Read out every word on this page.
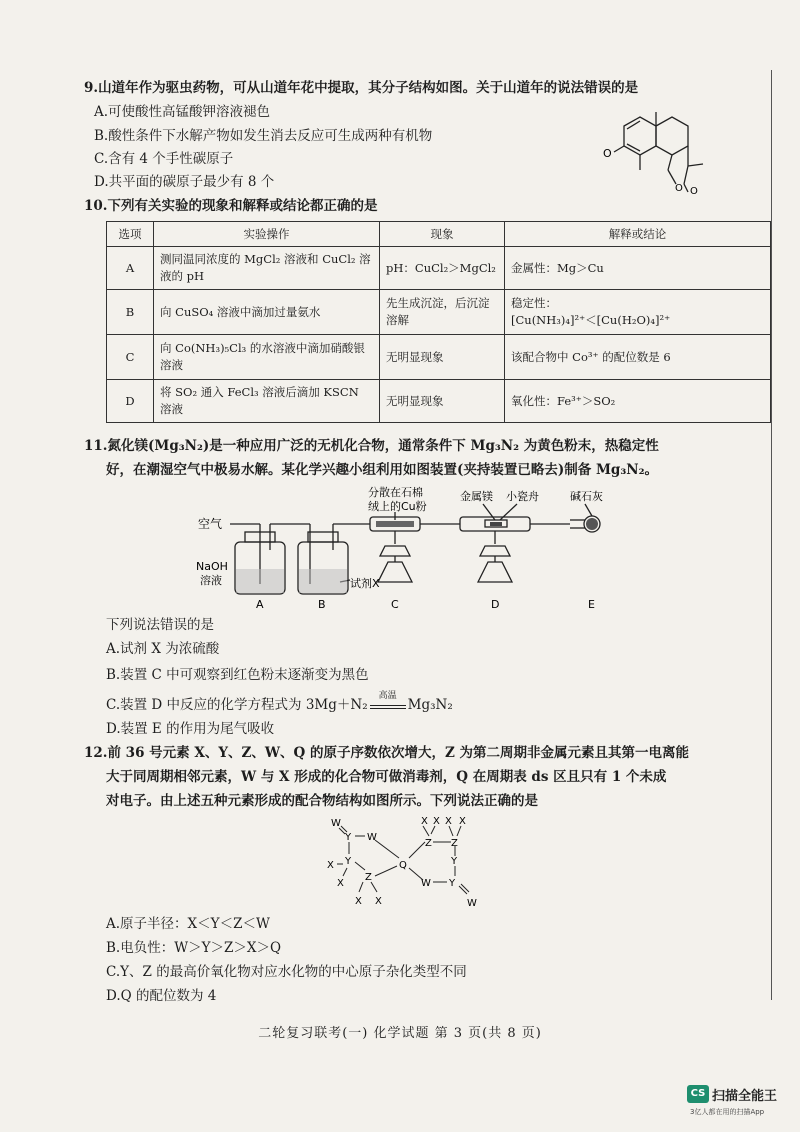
9.山道年作为驱虫药物，可从山道年花中提取，其分子结构如图。关于山道年的说法错误的是
A.可使酸性高锰酸钾溶液褪色
B.酸性条件下水解产物如发生消去反应可生成两种有机物
C.含有 4 个手性碳原子
D.共平面的碳原子最少有 8 个
O
O O
10.下列有关实验的现象和解释或结论都正确的是
选项	实验操作	现象	解释或结论
A	测同温同浓度的 MgCl₂ 溶液和 CuCl₂ 溶液的 pH	pH：CuCl₂＞MgCl₂	金属性：Mg＞Cu
B	向 CuSO₄ 溶液中滴加过量氨水	先生成沉淀，后沉淀溶解	稳定性：
[Cu(NH₃)₄]²⁺＜[Cu(H₂O)₄]²⁺
C	向 Co(NH₃)₅Cl₃ 的水溶液中滴加硝酸银溶液	无明显现象	该配合物中 Co³⁺ 的配位数是 6
D	将 SO₂ 通入 FeCl₃ 溶液后滴加 KSCN 溶液	无明显现象	氧化性：Fe³⁺＞SO₂
11.氮化镁(Mg₃N₂)是一种应用广泛的无机化合物，通常条件下 Mg₃N₂ 为黄色粉末，热稳定性
好，在潮湿空气中极易水解。某化学兴趣小组利用如图装置(夹持装置已略去)制备 Mg₃N₂。
空气
NaOH
溶液	试剂X
分散在石棉
绒上的Cu粉
金属镁 小瓷舟	碱石灰
A	B	C	D	E
下列说法错误的是
A.试剂 X 为浓硫酸
B.装置 C 中可观察到红色粉末逐渐变为黑色
C.装置 D 中反应的化学方程式为 3Mg＋N₂
高温
Mg₃N₂
D.装置 E 的作用为尾气吸收
12.前 36 号元素 X、Y、Z、W、Q 的原子序数依次增大，Z 为第二周期非金属元素且其第一电离能
大于同周期相邻元素，W 与 X 形成的化合物可做消毒剂，Q 在周期表 ds 区且只有 1 个未成
对电子。由上述五种元素形成的配合物结构如图所示。下列说法正确的是
W
Y W
X Y
X
Z
X X
Q
X X X X
Z Z
Y
W Y
W
A.原子半径：X＜Y＜Z＜W
B.电负性：W＞Y＞Z＞X＞Q
C.Y、Z 的最高价氧化物对应水化物的中心原子杂化类型不同
D.Q 的配位数为 4
二轮复习联考(一) 化学试题 第 3 页(共 8 页)
CS 扫描全能王
3亿人都在用的扫描App
